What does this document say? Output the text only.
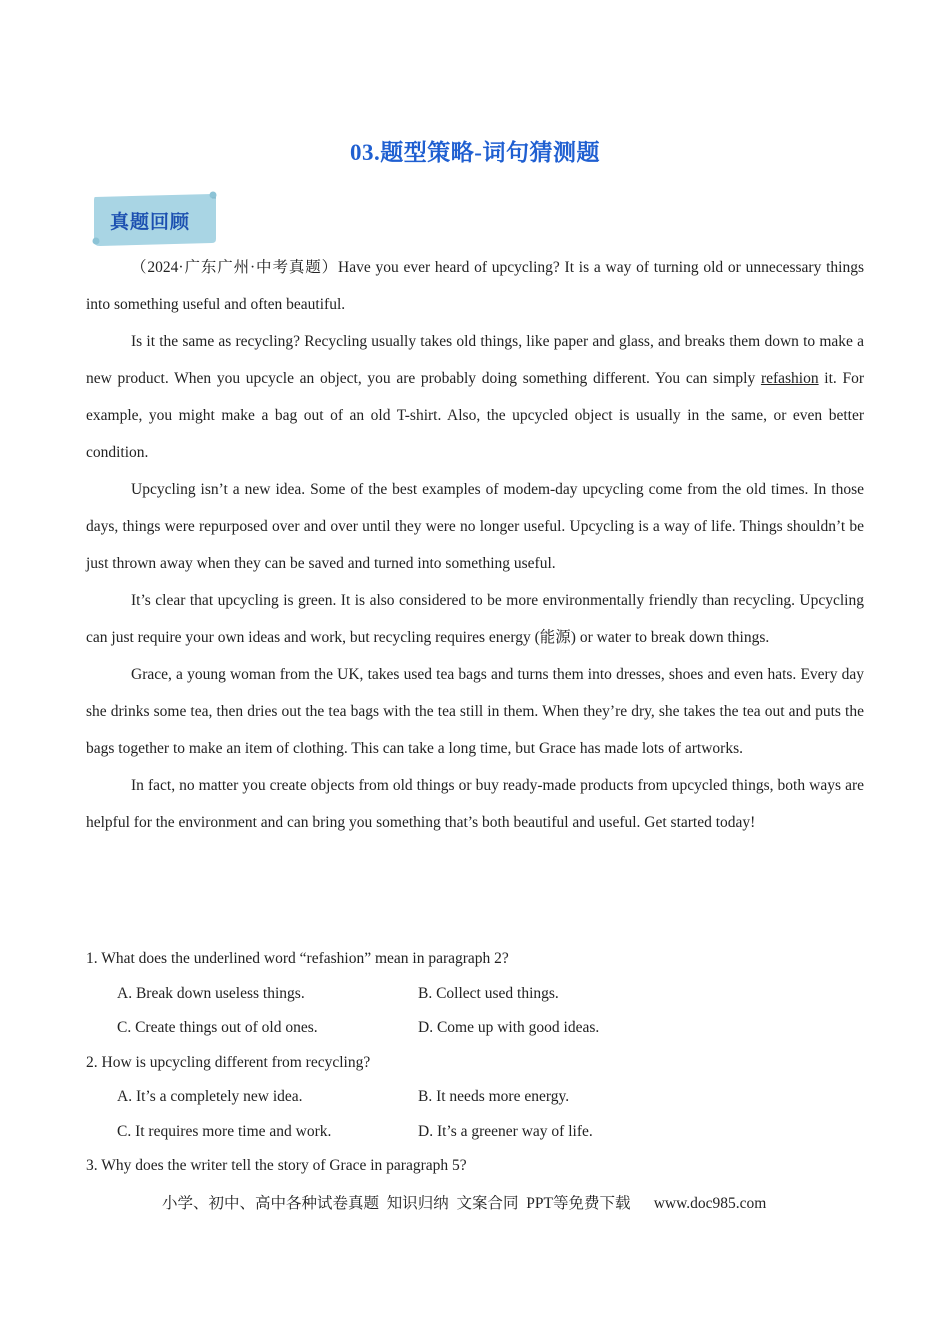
03.题型策略-词句猜测题
真题回顾

（2024·广东广州·中考真题）Have you ever heard of upcycling? It is a way of turning old or unnecessary things into something useful and often beautiful.

Is it the same as recycling? Recycling usually takes old things, like paper and glass, and breaks them down to make a new product. When you upcycle an object, you are probably doing something different. You can simply refashion it. For example, you might make a bag out of an old T-shirt. Also, the upcycled object is usually in the same, or even better condition.

Upcycling isn’t a new idea. Some of the best examples of modem-day upcycling come from the old times. In those days, things were repurposed over and over until they were no longer useful. Upcycling is a way of life. Things shouldn’t be just thrown away when they can be saved and turned into something useful.

It’s clear that upcycling is green. It is also considered to be more environmentally friendly than recycling. Upcycling can just require your own ideas and work, but recycling requires energy (能源) or water to break down things.

Grace, a young woman from the UK, takes used tea bags and turns them into dresses, shoes and even hats. Every day she drinks some tea, then dries out the tea bags with the tea still in them. When they’re dry, she takes the tea out and puts the bags together to make an item of clothing. This can take a long time, but Grace has made lots of artworks.

In fact, no matter you create objects from old things or buy ready-made products from upcycled things, both ways are helpful for the environment and can bring you something that’s both beautiful and useful. Get started today!

1. What does the underlined word “refashion” mean in paragraph 2?
A. Break down useless things.	B. Collect used things.
C. Create things out of old ones.	D. Come up with good ideas.
2. How is upcycling different from recycling?
A. It’s a completely new idea.	B. It needs more energy.
C. It requires more time and work.	D. It’s a greener way of life.
3. Why does the writer tell the story of Grace in paragraph 5?
小学、初中、高中各种试卷真题  知识归纳  文案合同  PPT等免费下载      www.doc985.com
